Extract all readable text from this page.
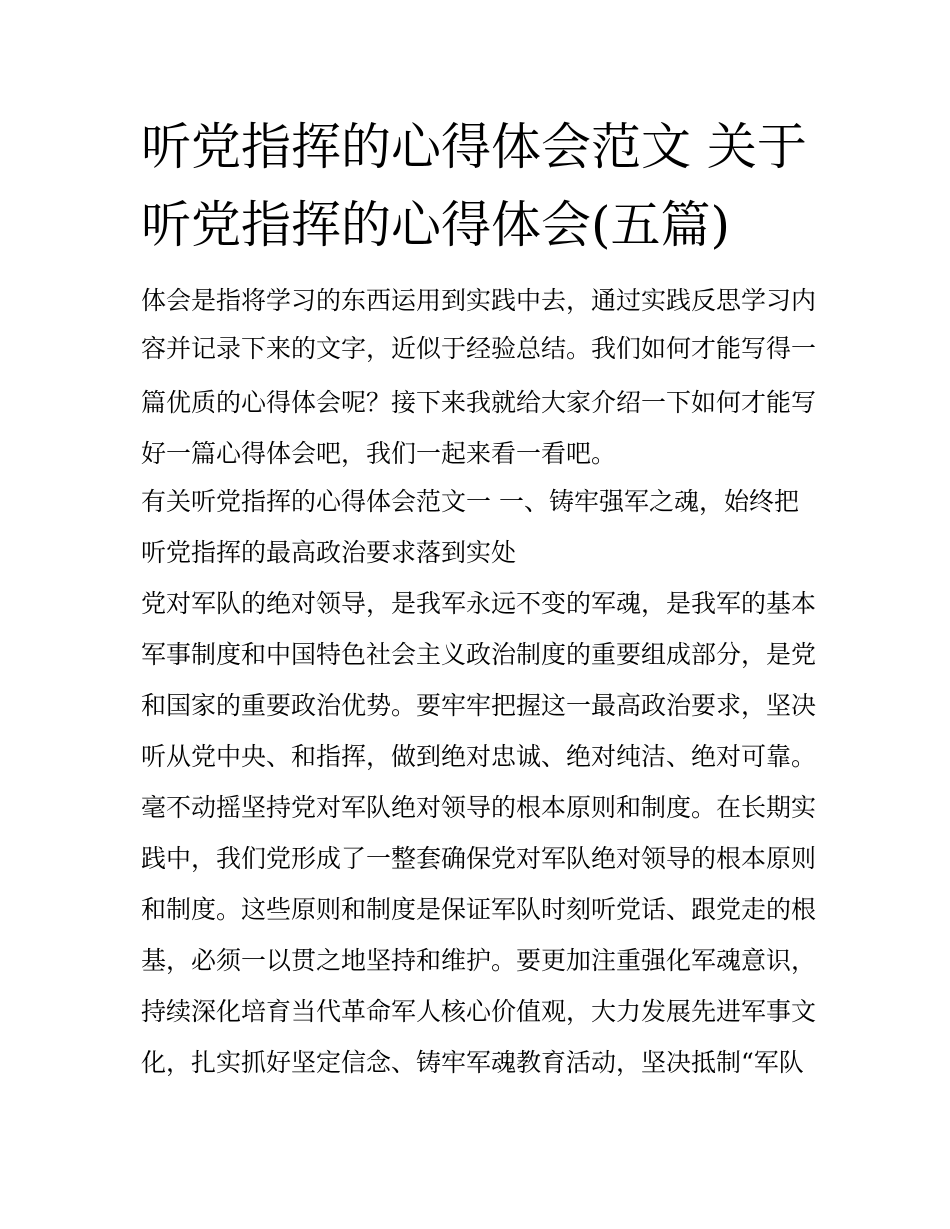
听党指挥的心得体会范文 关于
听党指挥的心得体会(五篇)

体会是指将学习的东西运用到实践中去，通过实践反思学习内

容并记录下来的文字，近似于经验总结。我们如何才能写得一

篇优质的心得体会呢？接下来我就给大家介绍一下如何才能写

好一篇心得体会吧，我们一起来看一看吧。

有关听党指挥的心得体会范文一 一、铸牢强军之魂，始终把

听党指挥的最高政治要求落到实处

党对军队的绝对领导，是我军永远不变的军魂，是我军的基本

军事制度和中国特色社会主义政治制度的重要组成部分，是党

和国家的重要政治优势。要牢牢把握这一最高政治要求，坚决

听从党中央、和指挥，做到绝对忠诚、绝对纯洁、绝对可靠。

毫不动摇坚持党对军队绝对领导的根本原则和制度。在长期实

践中，我们党形成了一整套确保党对军队绝对领导的根本原则

和制度。这些原则和制度是保证军队时刻听党话、跟党走的根

基，必须一以贯之地坚持和维护。要更加注重强化军魂意识，

持续深化培育当代革命军人核心价值观，大力发展先进军事文

化，扎实抓好坚定信念、铸牢军魂教育活动，坚决抵制“军队
